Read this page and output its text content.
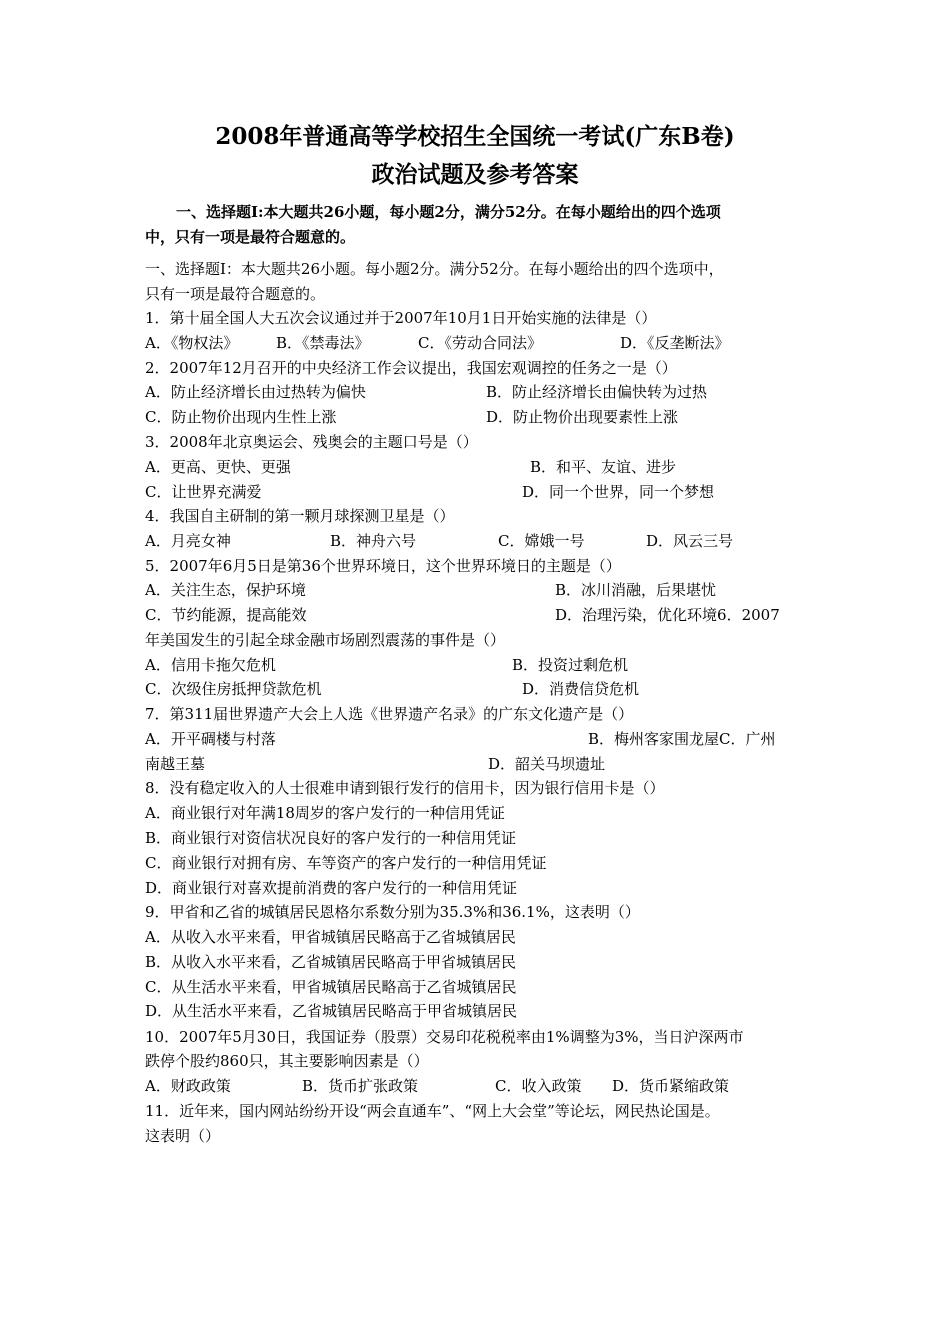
2008年普通高等学校招生全国统一考试(广东B卷)
政治试题及参考答案
一、选择题Ⅰ:本大题共26小题，每小题2分，满分52分。在每小题给出的四个选项
中，只有一项是最符合题意的。
一、选择题I：本大题共26小题。每小题2分。满分52分。在每小题给出的四个选项中，
只有一项是最符合题意的。
1．第十届全国人大五次会议通过并于2007年10月1日开始实施的法律是（）
A．《物权法》	B．《禁毒法》	C．《劳动合同法》	D．《反垄断法》
2．2007年12月召开的中央经济工作会议提出，我国宏观调控的任务之一是（）
A．防止经济增长由过热转为偏快	B．防止经济增长由偏快转为过热
C．防止物价出现内生性上涨	D．防止物价出现要素性上涨
3．2008年北京奥运会、残奥会的主题口号是（）
A．更高、更快、更强	B．和平、友谊、进步
C．让世界充满爱	D．同一个世界，同一个梦想
4．我国自主研制的第一颗月球探测卫星是（）
A．月亮女神	B．神舟六号	C．嫦娥一号	D．风云三号
5．2007年6月5日是第36个世界环境日，这个世界环境日的主题是（）
A．关注生态，保护环境	B．冰川消融，后果堪忧
C．节约能源，提高能效	D．治理污染，优化环境6．2007
年美国发生的引起全球金融市场剧烈震荡的事件是（）
A．信用卡拖欠危机	B．投资过剩危机
C．次级住房抵押贷款危机	D．消费信贷危机
7．第311届世界遗产大会上人选《世界遗产名录》的广东文化遗产是（）
A．开平碉楼与村落	B．梅州客家围龙屋C．广州
南越王墓	D．韶关马坝遗址
8．没有稳定收入的人士很难申请到银行发行的信用卡，因为银行信用卡是（）
A．商业银行对年满18周岁的客户发行的一种信用凭证
B．商业银行对资信状况良好的客户发行的一种信用凭证
C．商业银行对拥有房、车等资产的客户发行的一种信用凭证
D．商业银行对喜欢提前消费的客户发行的一种信用凭证
9．甲省和乙省的城镇居民恩格尔系数分别为35.3%和36.1%，这表明（）
A．从收入水平来看，甲省城镇居民略高于乙省城镇居民
B．从收入水平来看，乙省城镇居民略高于甲省城镇居民
C．从生活水平来看，甲省城镇居民略高于乙省城镇居民
D．从生活水平来看，乙省城镇居民略高于甲省城镇居民
10．2007年5月30日，我国证券（股票）交易印花税税率由1%调整为3%，当日沪深两市
跌停个股约860只，其主要影响因素是（）
A．财政政策	B．货币扩张政策	C．收入政策 D．货币紧缩政策
11．近年来，国内网站纷纷开设“两会直通车”、“网上大会堂”等论坛，网民热论国是。
这表明（）
